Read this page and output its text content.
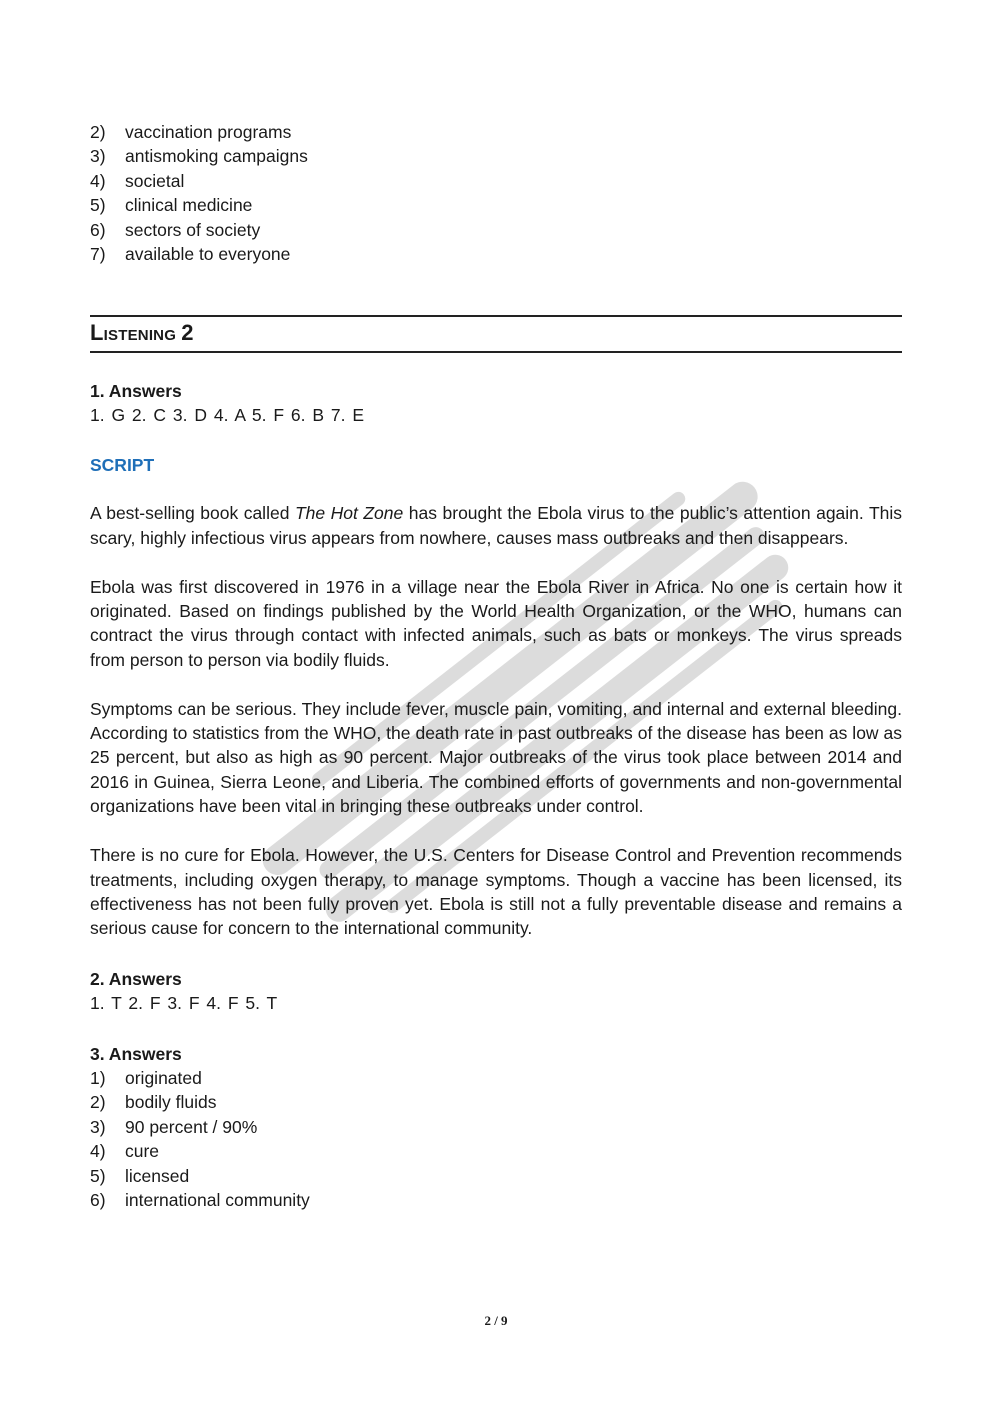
2)	vaccination programs
3)	antismoking campaigns
4)	societal
5)	clinical medicine
6)	sectors of society
7)	available to everyone
LISTENING 2
1. Answers
1. G 2. C 3. D 4. A 5. F 6. B 7. E
SCRIPT
A best-selling book called The Hot Zone has brought the Ebola virus to the public’s attention again. This scary, highly infectious virus appears from nowhere, causes mass outbreaks and then disappears.
Ebola was first discovered in 1976 in a village near the Ebola River in Africa. No one is certain how it originated. Based on findings published by the World Health Organization, or the WHO, humans can contract the virus through contact with infected animals, such as bats or monkeys. The virus spreads from person to person via bodily fluids.
Symptoms can be serious. They include fever, muscle pain, vomiting, and internal and external bleeding. According to statistics from the WHO, the death rate in past outbreaks of the disease has been as low as 25 percent, but also as high as 90 percent. Major outbreaks of the virus took place between 2014 and 2016 in Guinea, Sierra Leone, and Liberia. The combined efforts of governments and non-governmental organizations have been vital in bringing these outbreaks under control.
There is no cure for Ebola. However, the U.S. Centers for Disease Control and Prevention recommends treatments, including oxygen therapy, to manage symptoms. Though a vaccine has been licensed, its effectiveness has not been fully proven yet. Ebola is still not a fully preventable disease and remains a serious cause for concern to the international community.
2. Answers
1. T 2. F 3. F 4. F 5. T
3. Answers
1)	originated
2)	bodily fluids
3)	90 percent / 90%
4)	cure
5)	licensed
6)	international community
2 / 9
